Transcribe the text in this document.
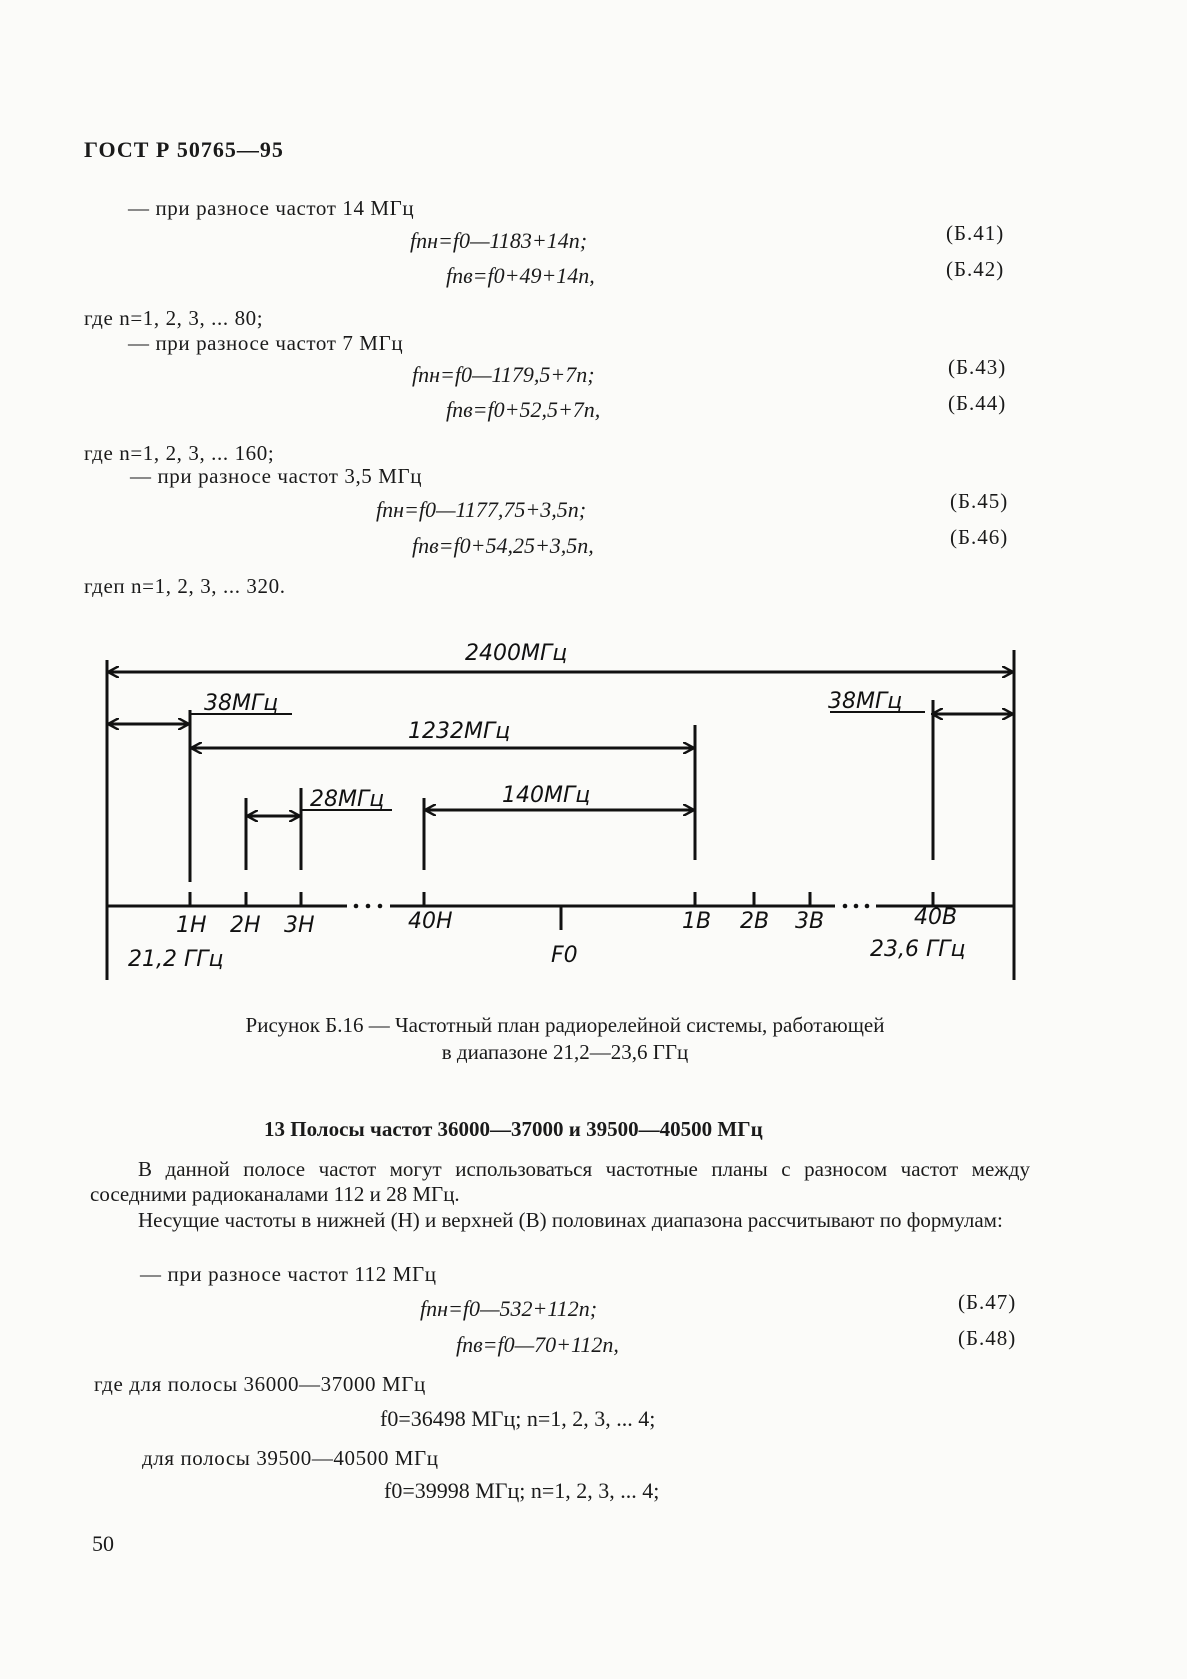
ГОСТ Р 50765—95
— при разносе частот 14 МГц
fпн=f0—1183+14n;	(Б.41)
fпв=f0+49+14n,	(Б.42)
где n=1, 2, 3, ... 80;
— при разносе частот 7 МГц
fпн=f0—1179,5+7n;	(Б.43)
fпв=f0+52,5+7n,	(Б.44)
где n=1, 2, 3, ... 160;
— при разносе частот 3,5 МГц
fпн=f0—1177,75+3,5n;	(Б.45)
fпв=f0+54,25+3,5n,	(Б.46)
гдеп n=1, 2, 3, ... 320.
2400МГц
38МГц
1232МГц
38МГц
28МГц	140МГц
1Н 2Н 3Н	40Н	1В 2В 3В	40В
F0
21,2 ГГц	23,6 ГГц
Рисунок Б.16 — Частотный план радиорелейной системы, работающей
в диапазоне 21,2—23,6 ГГц
13 Полосы частот 36000—37000 и 39500—40500 МГц
В данной полосе частот могут использоваться частотные планы с разносом частот между соседними радиоканалами 112 и 28 МГц.
Несущие частоты в нижней (Н) и верхней (В) половинах диапазона рассчитывают по формулам:
— при разносе частот 112 МГц
fпн=f0—532+112n;	(Б.47)
fпв=f0—70+112n,	(Б.48)
где для полосы 36000—37000 МГц
f0=36498 МГц; n=1, 2, 3, ... 4;
для полосы 39500—40500 МГц
f0=39998 МГц; n=1, 2, 3, ... 4;
50
